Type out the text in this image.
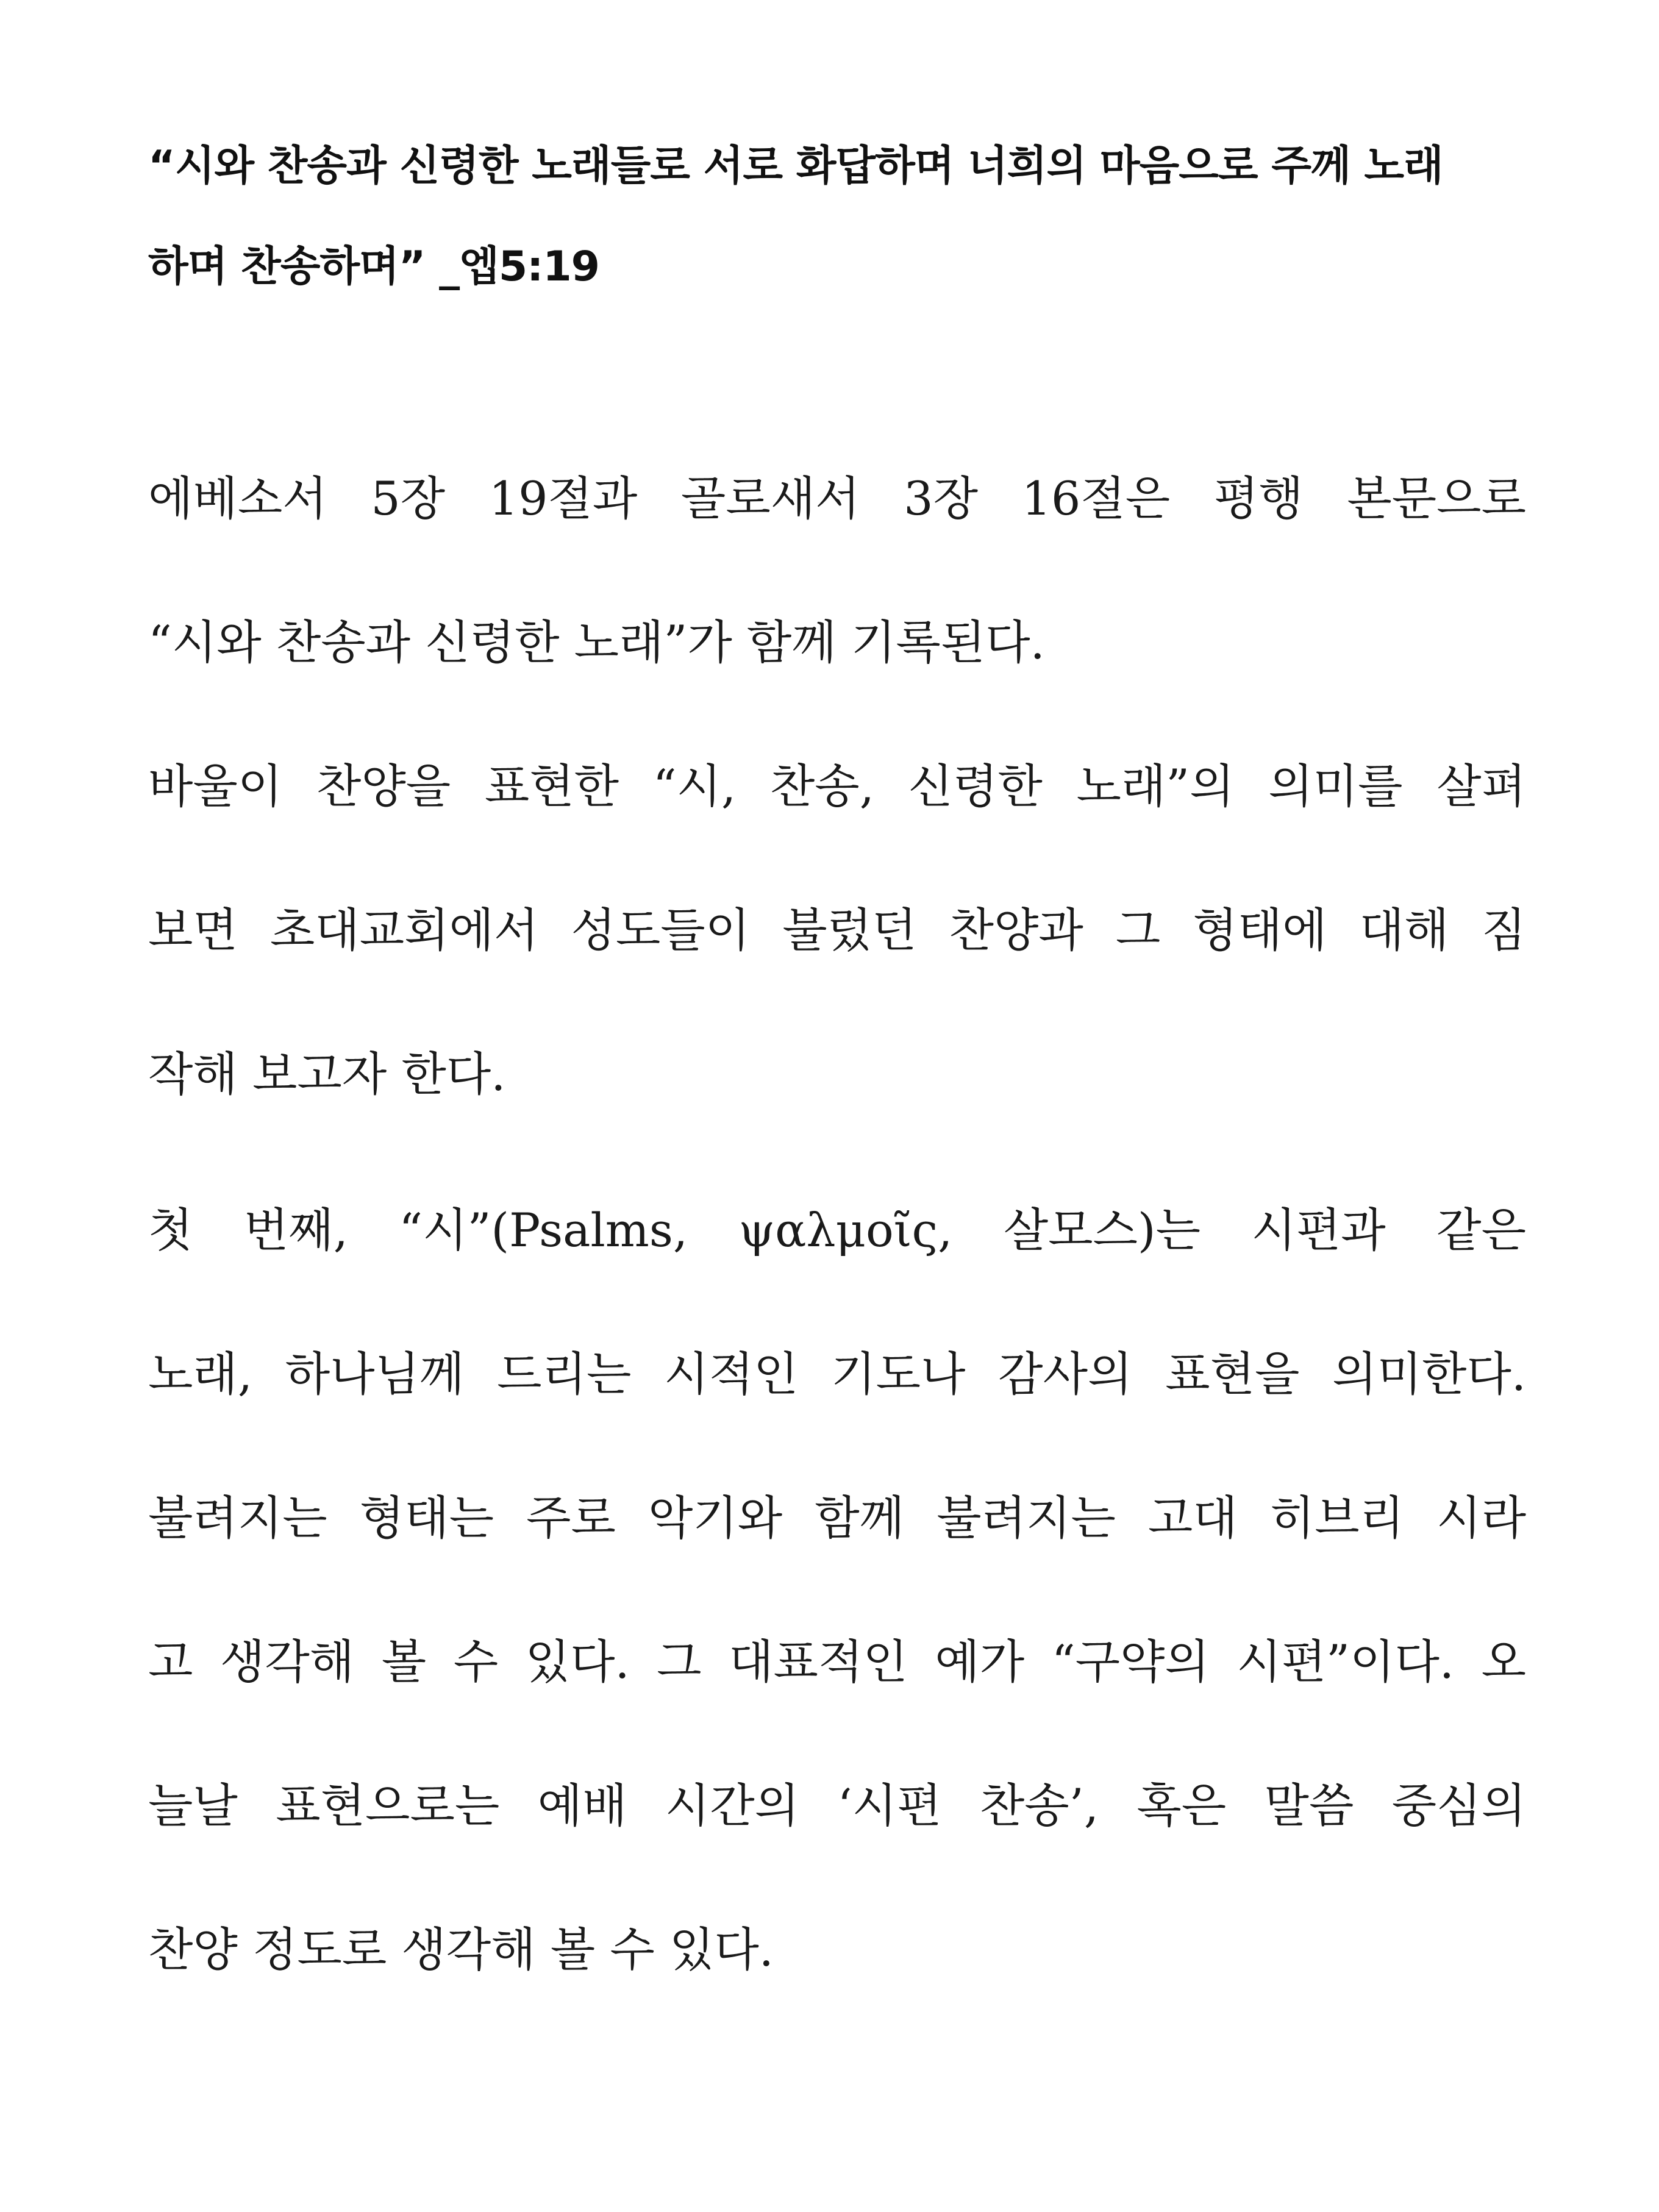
“시와 찬송과 신령한 노래들로 서로 화답하며 너희의 마음으로 주께 노래
하며 찬송하며” _엡5:19
에베소서 5장 19절과 골로새서 3장 16절은 평행 본문으로
“시와 찬송과 신령한 노래”가 함께 기록된다.
바울이 찬양을 표현한 “시, 찬송, 신령한 노래”의 의미를 살펴
보면 초대교회에서 성도들이 불렀던 찬양과 그 형태에 대해 짐
작해 보고자 한다.
첫 번째, “시”(Psalms, ψαλμοῖς, 살모스)는 시편과 같은
노래, 하나님께 드리는 시적인 기도나 감사의 표현을 의미한다.
불려지는 형태는 주로 악기와 함께 불려지는 고대 히브리 시라
고 생각해 볼 수 있다. 그 대표적인 예가 “구약의 시편”이다. 오
늘날 표현으로는 예배 시간의 ‘시편 찬송’, 혹은 말씀 중심의
찬양 정도로 생각해 볼 수 있다.
